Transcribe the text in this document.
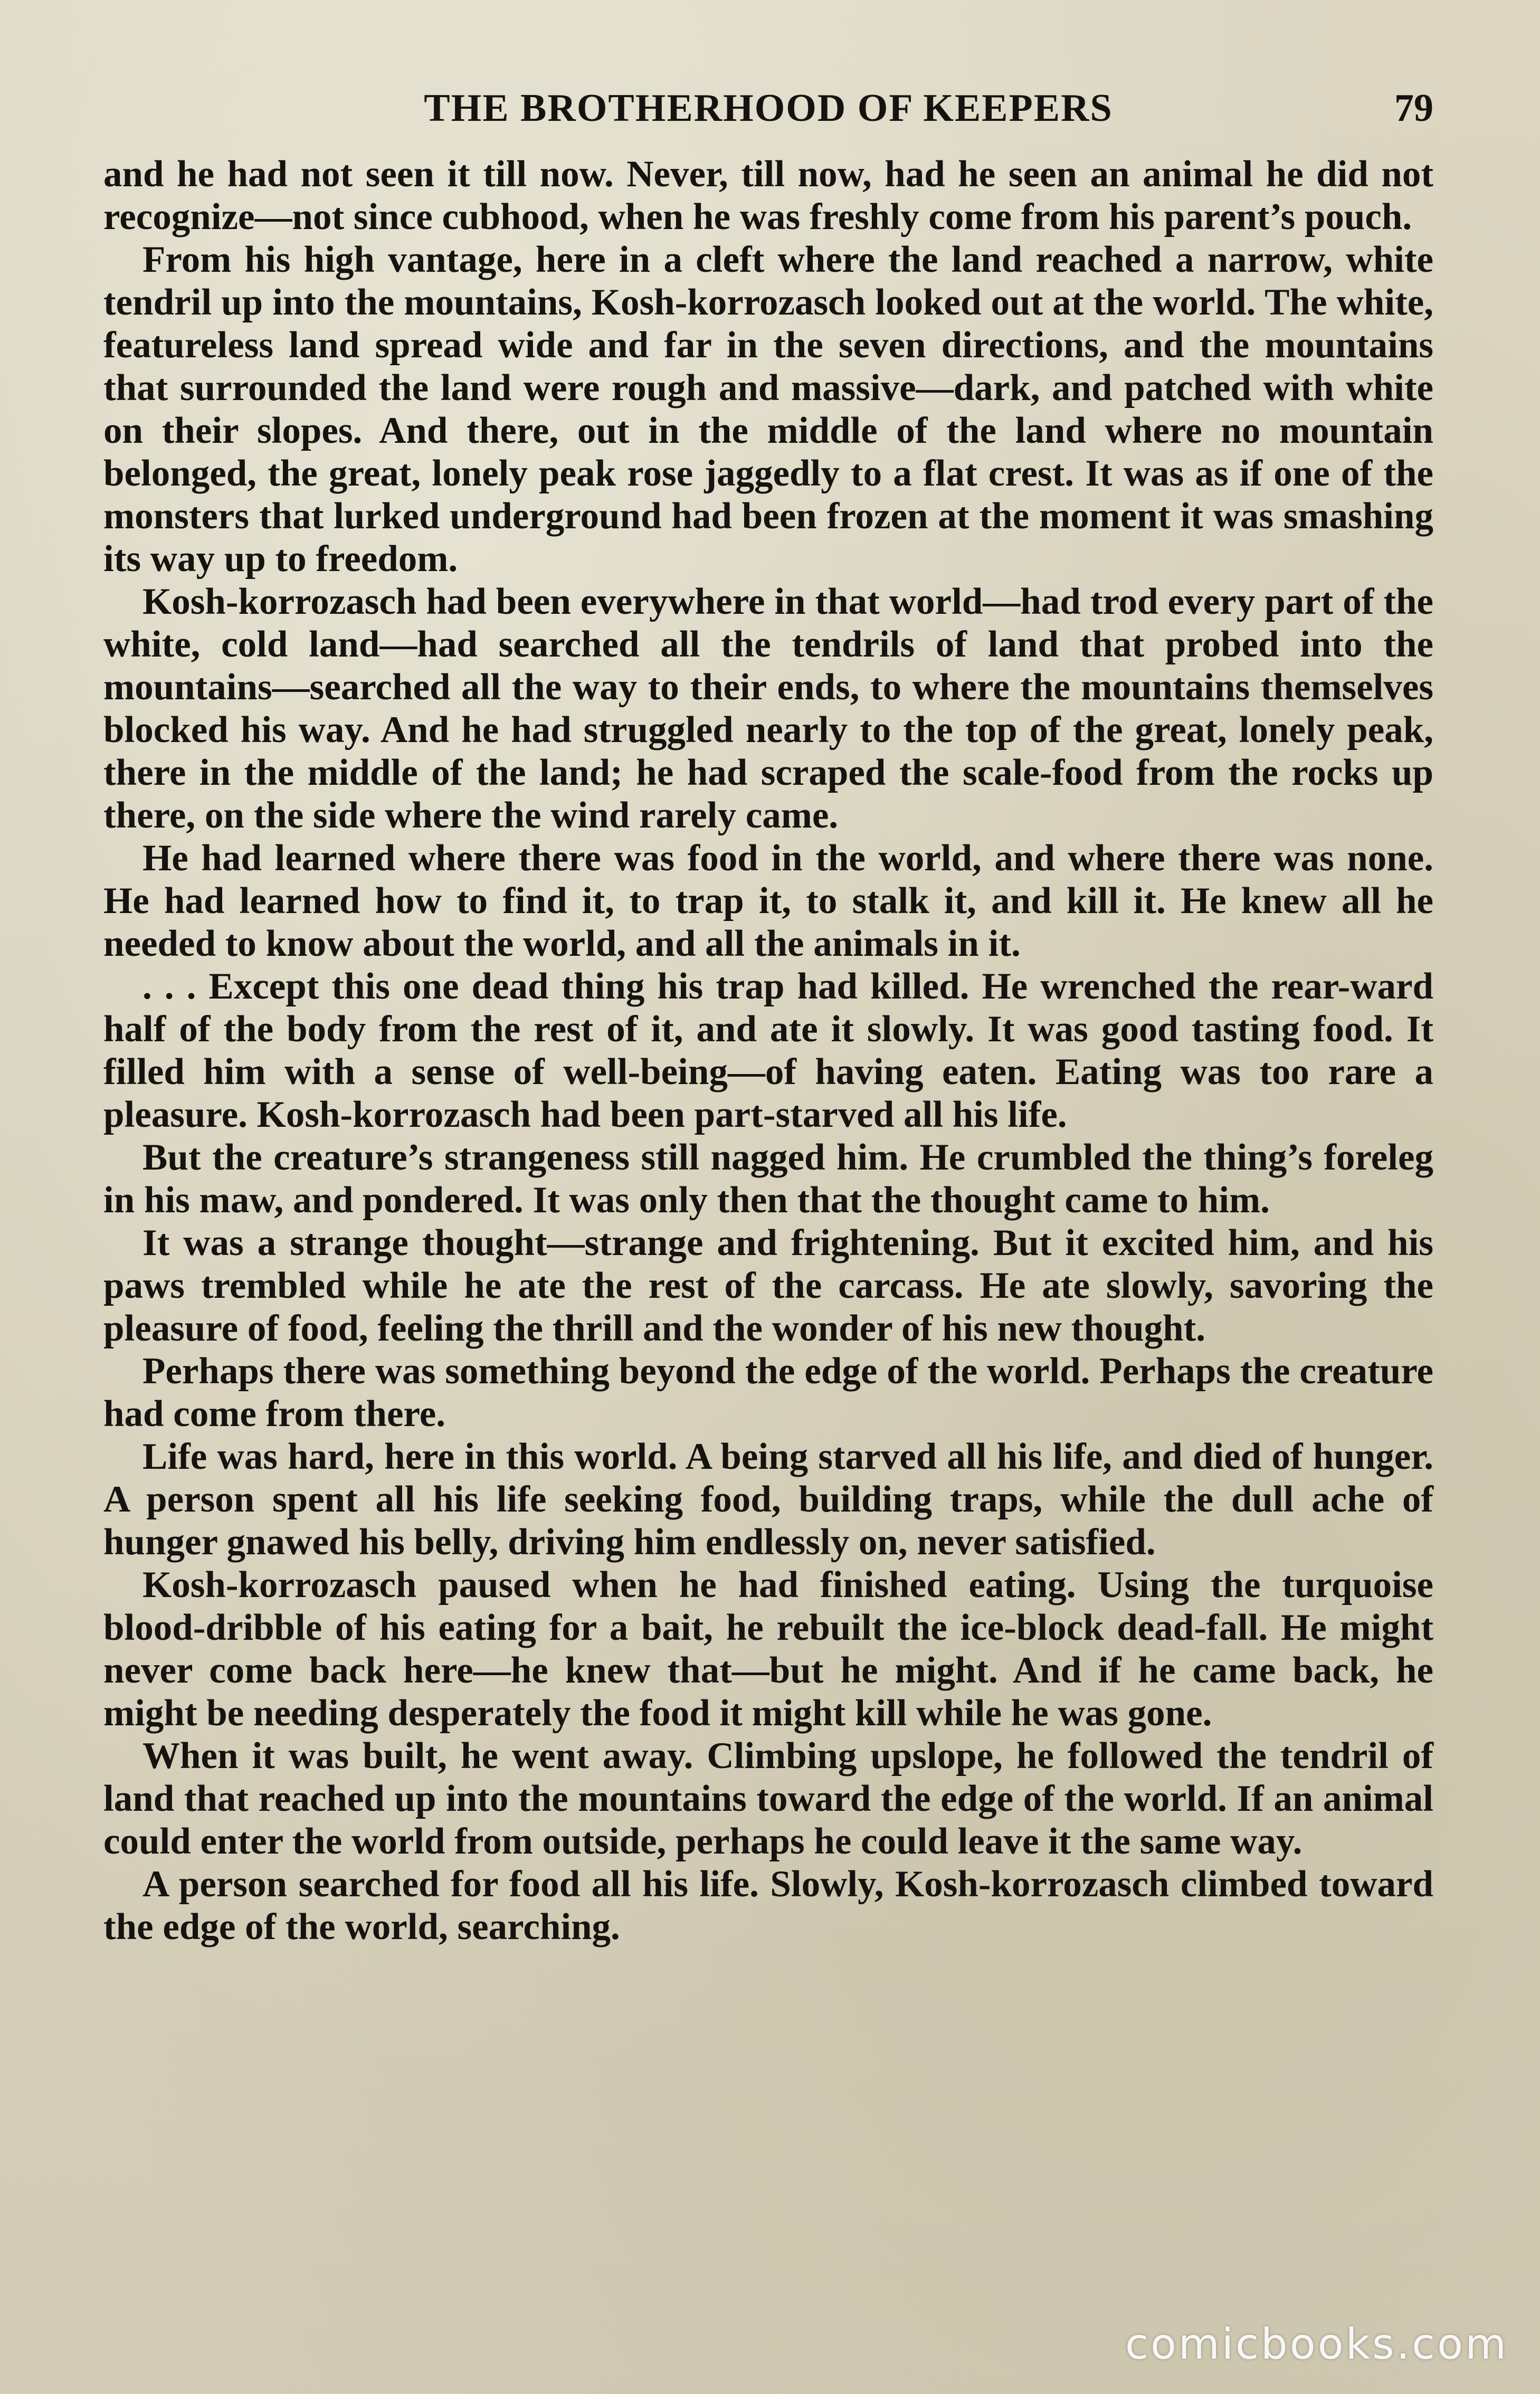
THE BROTHERHOOD OF KEEPERS	79

and he had not seen it till now. Never, till now, had he seen an animal he did not recognize—not since cubhood, when he was freshly come from his parent’s pouch.

From his high vantage, here in a cleft where the land reached a narrow, white tendril up into the mountains, Kosh-korrozasch looked out at the world. The white, featureless land spread wide and far in the seven directions, and the mountains that surrounded the land were rough and massive—dark, and patched with white on their slopes. And there, out in the middle of the land where no mountain belonged, the great, lonely peak rose jaggedly to a flat crest. It was as if one of the monsters that lurked underground had been frozen at the moment it was smashing its way up to freedom.

Kosh-korrozasch had been everywhere in that world—had trod every part of the white, cold land—had searched all the tendrils of land that probed into the mountains—searched all the way to their ends, to where the mountains themselves blocked his way. And he had struggled nearly to the top of the great, lonely peak, there in the middle of the land; he had scraped the scale-food from the rocks up there, on the side where the wind rarely came.

He had learned where there was food in the world, and where there was none. He had learned how to find it, to trap it, to stalk it, and kill it. He knew all he needed to know about the world, and all the animals in it.

. . . Except this one dead thing his trap had killed. He wrenched the rear-ward half of the body from the rest of it, and ate it slowly. It was good tasting food. It filled him with a sense of well-being—of having eaten. Eating was too rare a pleasure. Kosh-korrozasch had been part-starved all his life.

But the creature’s strangeness still nagged him. He crumbled the thing’s foreleg in his maw, and pondered. It was only then that the thought came to him.

It was a strange thought—strange and frightening. But it excited him, and his paws trembled while he ate the rest of the carcass. He ate slowly, savoring the pleasure of food, feeling the thrill and the wonder of his new thought.

Perhaps there was something beyond the edge of the world. Perhaps the creature had come from there.

Life was hard, here in this world. A being starved all his life, and died of hunger. A person spent all his life seeking food, building traps, while the dull ache of hunger gnawed his belly, driving him endlessly on, never satisfied.

Kosh-korrozasch paused when he had finished eating. Using the turquoise blood-dribble of his eating for a bait, he rebuilt the ice-block dead-fall. He might never come back here—he knew that—but he might. And if he came back, he might be needing desperately the food it might kill while he was gone.

When it was built, he went away. Climbing upslope, he followed the tendril of land that reached up into the mountains toward the edge of the world. If an animal could enter the world from outside, perhaps he could leave it the same way.

A person searched for food all his life. Slowly, Kosh-korrozasch climbed toward the edge of the world, searching.

comicbooks.com
